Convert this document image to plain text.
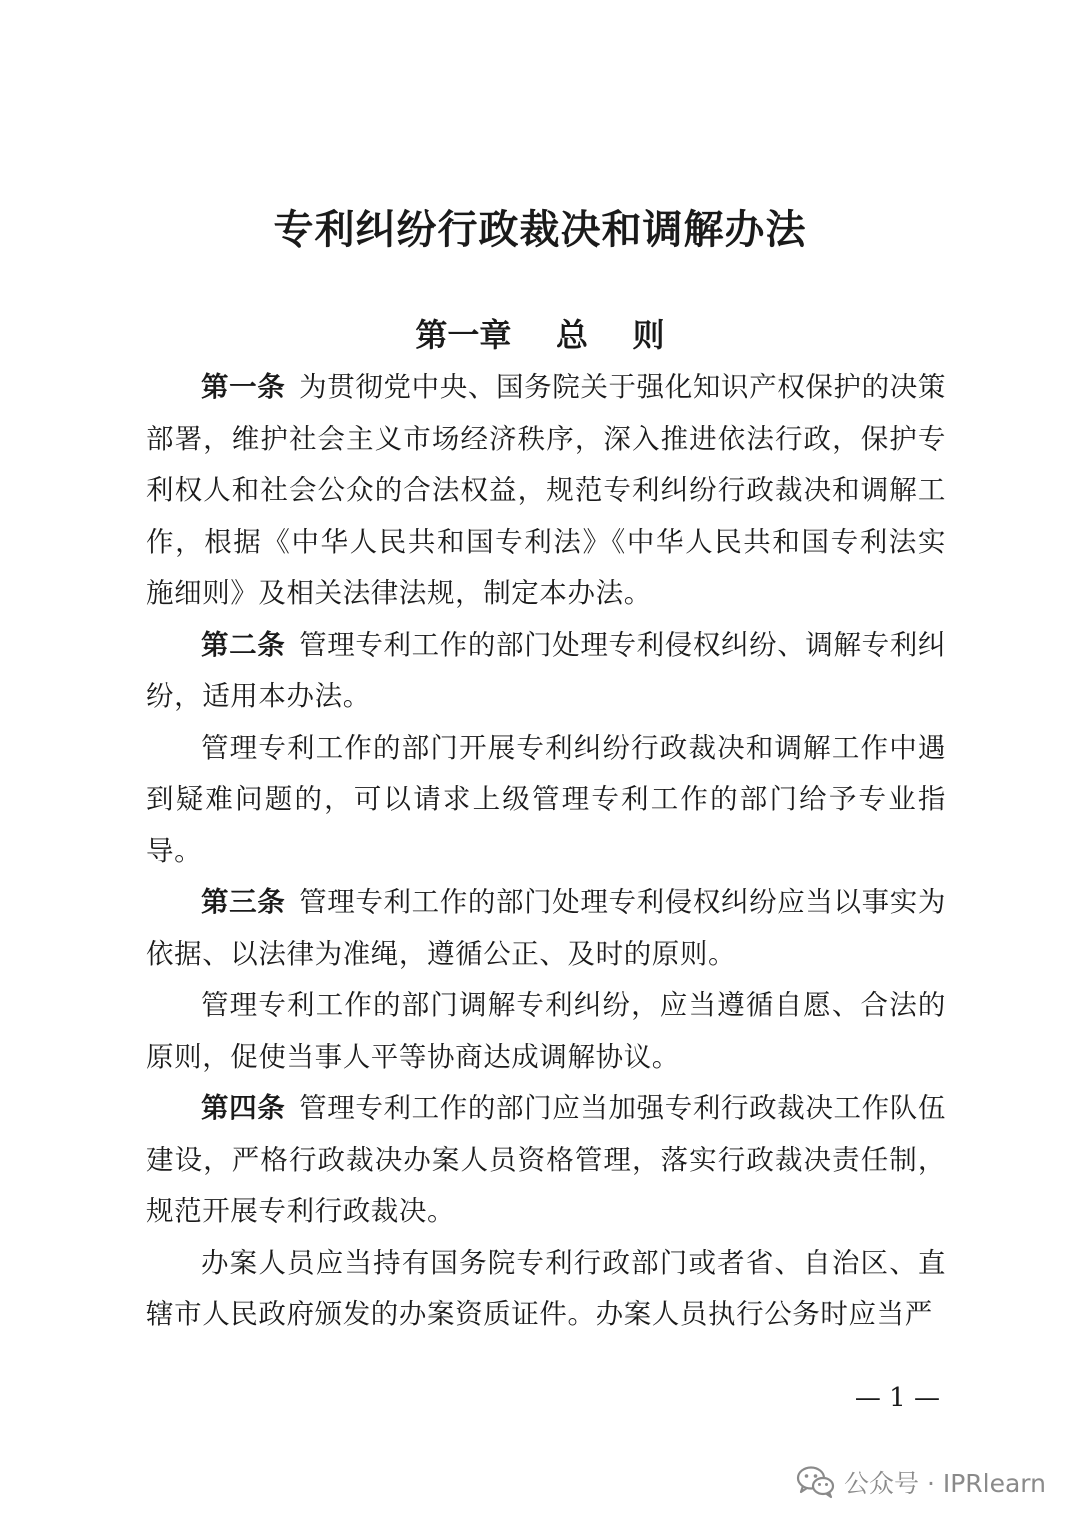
专利纠纷行政裁决和调解办法
第一章    总    则

第一条 为贯彻党中央、国务院关于强化知识产权保护的决策部署，维护社会主义市场经济秩序，深入推进依法行政，保护专利权人和社会公众的合法权益，规范专利纠纷行政裁决和调解工作，根据《中华人民共和国专利法》《中华人民共和国专利法实施细则》及相关法律法规，制定本办法。

第二条 管理专利工作的部门处理专利侵权纠纷、调解专利纠纷，适用本办法。

管理专利工作的部门开展专利纠纷行政裁决和调解工作中遇到疑难问题的，可以请求上级管理专利工作的部门给予专业指导。

第三条 管理专利工作的部门处理专利侵权纠纷应当以事实为依据、以法律为准绳，遵循公正、及时的原则。

管理专利工作的部门调解专利纠纷，应当遵循自愿、合法的原则，促使当事人平等协商达成调解协议。

第四条 管理专利工作的部门应当加强专利行政裁决工作队伍建设，严格行政裁决办案人员资格管理，落实行政裁决责任制，规范开展专利行政裁决。

办案人员应当持有国务院专利行政部门或者省、自治区、直辖市人民政府颁发的办案资质证件。办案人员执行公务时应当严

— 1 —
公众号 · IPRlearn
